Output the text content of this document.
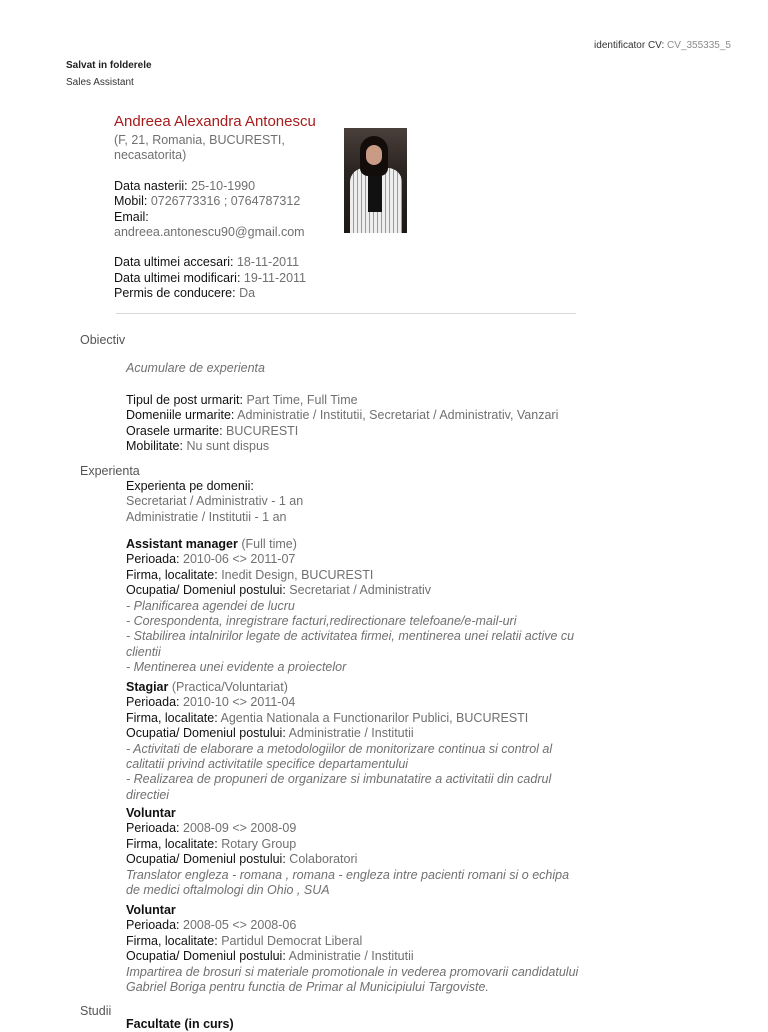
identificator CV: CV_355335_5
Salvat in folderele
Sales Assistant
Andreea Alexandra Antonescu
(F, 21, Romania, BUCURESTI,
necasatorita)
Data nasterii: 25-10-1990
Mobil: 0726773316 ; 0764787312
Email:
andreea.antonescu90@gmail.com
Data ultimei accesari: 18-11-2011
Data ultimei modificari: 19-11-2011
Permis de conducere: Da
Obiectiv
Acumulare de experienta
Tipul de post urmarit: Part Time, Full Time
Domeniile urmarite: Administratie / Institutii, Secretariat / Administrativ, Vanzari
Orasele urmarite: BUCURESTI
Mobilitate: Nu sunt dispus
Experienta
Experienta pe domenii:
Secretariat / Administrativ - 1 an
Administratie / Institutii - 1 an
Assistant manager (Full time)
Perioada: 2010-06 <> 2011-07
Firma, localitate: Inedit Design, BUCURESTI
Ocupatia/ Domeniul postului: Secretariat / Administrativ
- Planificarea agendei de lucru
- Corespondenta, inregistrare facturi,redirectionare telefoane/e-mail-uri
- Stabilirea intalnirilor legate de activitatea firmei, mentinerea unei relatii active cu
clientii
- Mentinerea unei evidente a proiectelor
Stagiar (Practica/Voluntariat)
Perioada: 2010-10 <> 2011-04
Firma, localitate: Agentia Nationala a Functionarilor Publici, BUCURESTI
Ocupatia/ Domeniul postului: Administratie / Institutii
- Activitati de elaborare a metodologiilor de monitorizare continua si control al
calitatii privind activitatile specifice departamentului
- Realizarea de propuneri de organizare si imbunatatire a activitatii din cadrul
directiei
Voluntar
Perioada: 2008-09 <> 2008-09
Firma, localitate: Rotary Group
Ocupatia/ Domeniul postului: Colaboratori
Translator engleza - romana , romana - engleza intre pacienti romani si o echipa
de medici oftalmologi din Ohio , SUA
Voluntar
Perioada: 2008-05 <> 2008-06
Firma, localitate: Partidul Democrat Liberal
Ocupatia/ Domeniul postului: Administratie / Institutii
Impartirea de brosuri si materiale promotionale in vederea promovarii candidatului
Gabriel Boriga pentru functia de Primar al Municipiului Targoviste.
Studii
Facultate (in curs)
